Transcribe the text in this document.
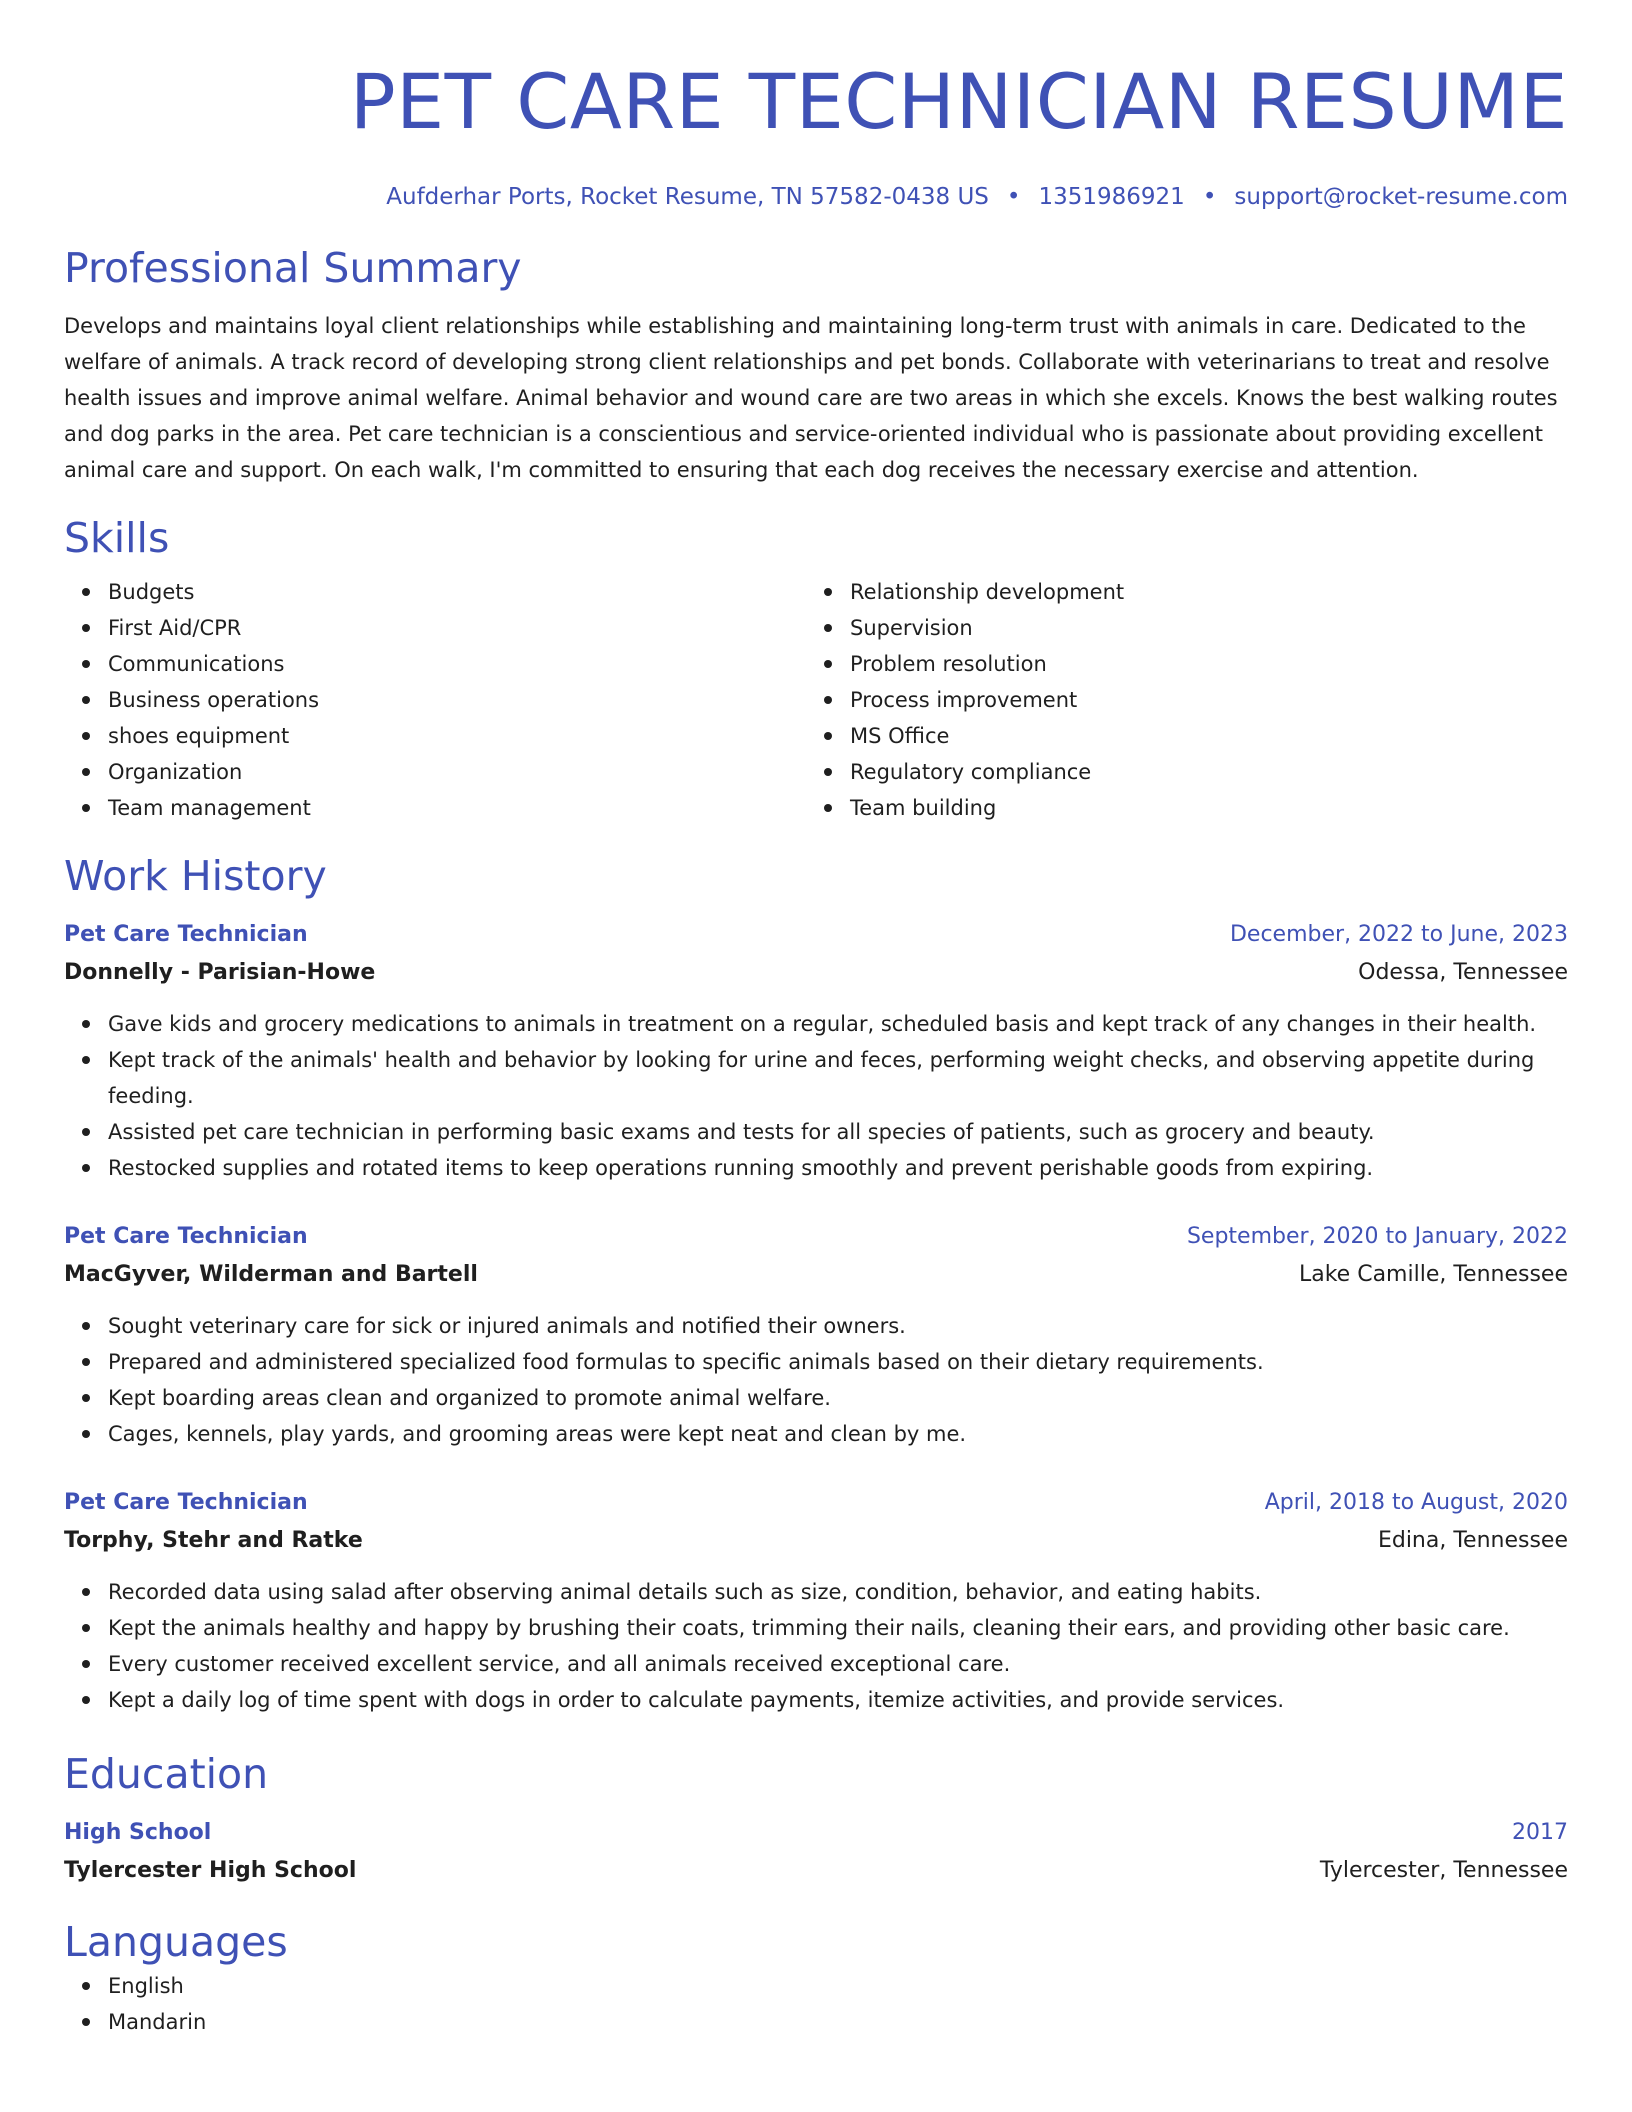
PET CARE TECHNICIAN RESUME
Aufderhar Ports, Rocket Resume, TN 57582-0438 US • 1351986921 • support@rocket-resume.com
Professional Summary

Develops and maintains loyal client relationships while establishing and maintaining long-term trust with animals in care. Dedicated to the welfare of animals. A track record of developing strong client relationships and pet bonds. Collaborate with veterinarians to treat and resolve health issues and improve animal welfare. Animal behavior and wound care are two areas in which she excels. Knows the best walking routes and dog parks in the area. Pet care technician is a conscientious and service-oriented individual who is passionate about providing excellent animal care and support. On each walk, I'm committed to ensuring that each dog receives the necessary exercise and attention.

Skills
Budgets
First Aid/CPR
Communications
Business operations
shoes equipment
Organization
Team management
Relationship development
Supervision
Problem resolution
Process improvement
MS Office
Regulatory compliance
Team building
Work History
Pet Care Technician	December, 2022 to June, 2023
Donnelly - Parisian-Howe	Odessa, Tennessee
Gave kids and grocery medications to animals in treatment on a regular, scheduled basis and kept track of any changes in their health.
Kept track of the animals' health and behavior by looking for urine and feces, performing weight checks, and observing appetite during feeding.
Assisted pet care technician in performing basic exams and tests for all species of patients, such as grocery and beauty.
Restocked supplies and rotated items to keep operations running smoothly and prevent perishable goods from expiring.
Pet Care Technician	September, 2020 to January, 2022
MacGyver, Wilderman and Bartell	Lake Camille, Tennessee
Sought veterinary care for sick or injured animals and notified their owners.
Prepared and administered specialized food formulas to specific animals based on their dietary requirements.
Kept boarding areas clean and organized to promote animal welfare.
Cages, kennels, play yards, and grooming areas were kept neat and clean by me.
Pet Care Technician	April, 2018 to August, 2020
Torphy, Stehr and Ratke	Edina, Tennessee
Recorded data using salad after observing animal details such as size, condition, behavior, and eating habits.
Kept the animals healthy and happy by brushing their coats, trimming their nails, cleaning their ears, and providing other basic care.
Every customer received excellent service, and all animals received exceptional care.
Kept a daily log of time spent with dogs in order to calculate payments, itemize activities, and provide services.
Education
High School	2017
Tylercester High School	Tylercester, Tennessee
Languages
English
Mandarin
